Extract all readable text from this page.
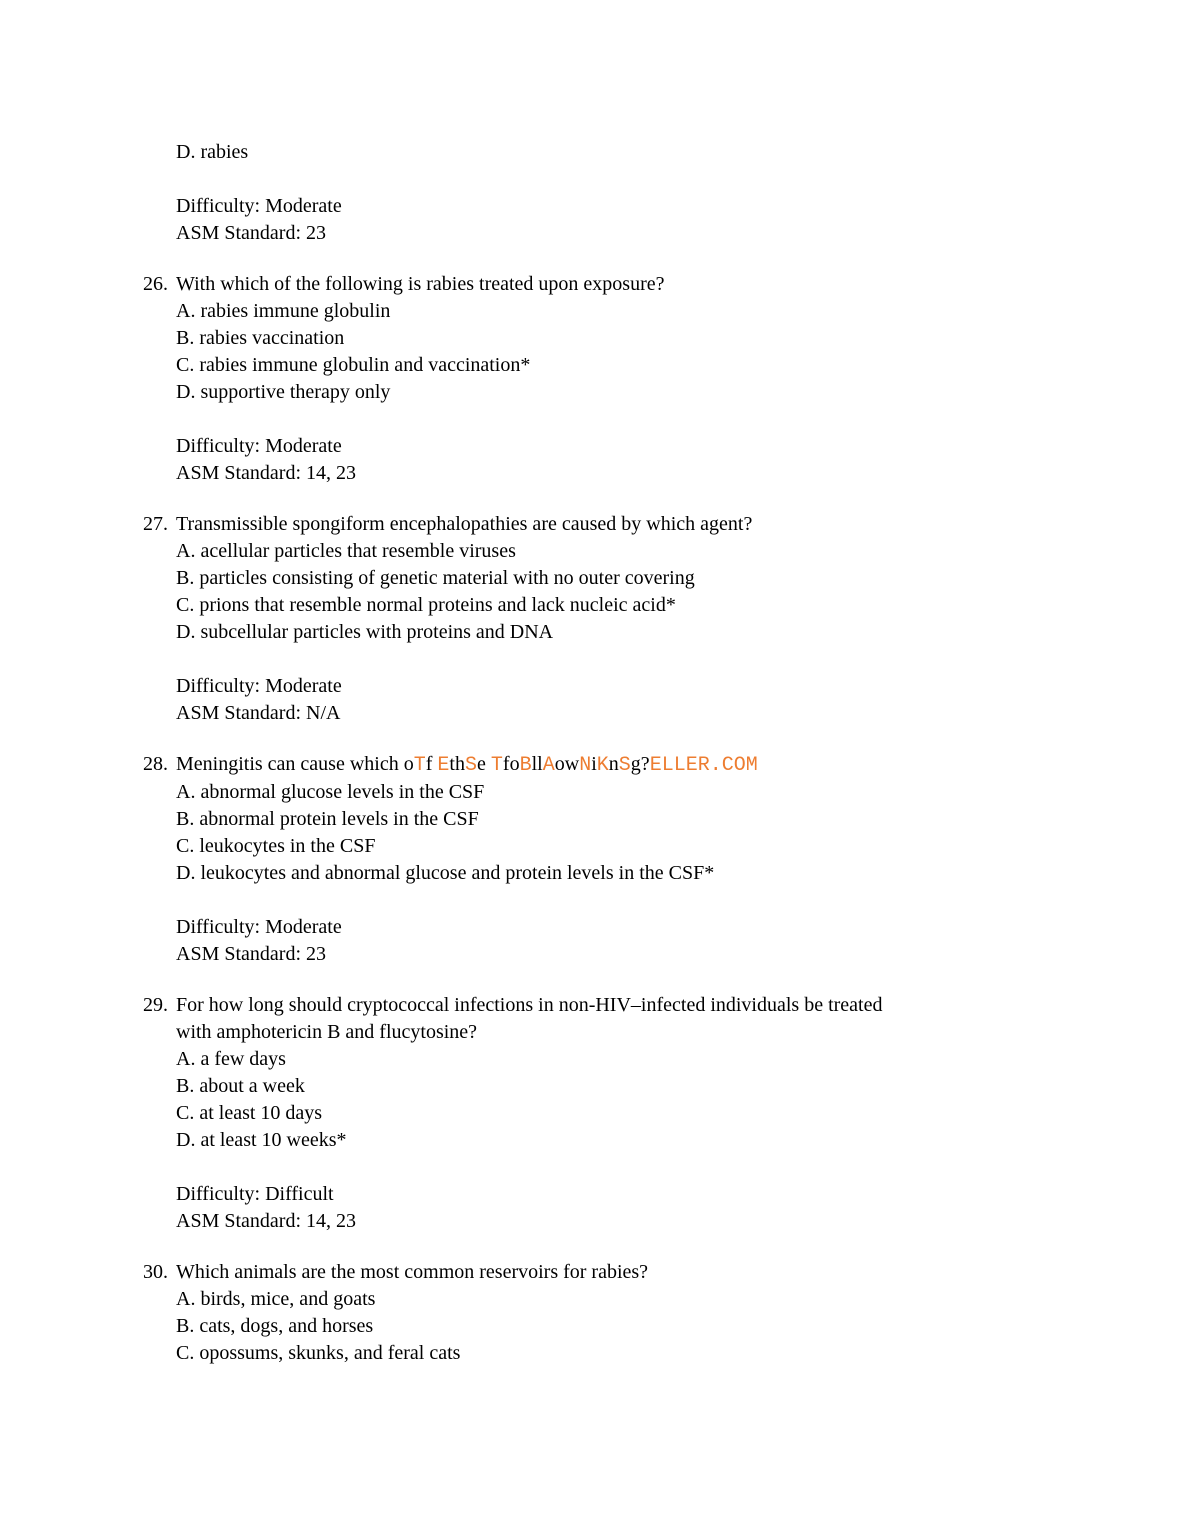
D. rabies
Difficulty: Moderate
ASM Standard: 23
26. With which of the following is rabies treated upon exposure?
A. rabies immune globulin
B. rabies vaccination
C. rabies immune globulin and vaccination*
D. supportive therapy only
Difficulty: Moderate
ASM Standard: 14, 23
27. Transmissible spongiform encephalopathies are caused by which agent?
A. acellular particles that resemble viruses
B. particles consisting of genetic material with no outer covering
C. prions that resemble normal proteins and lack nucleic acid*
D. subcellular particles with proteins and DNA
Difficulty: Moderate
ASM Standard: N/A
28. Meningitis can cause which oTf EthSe TfoBllAowNiKnSg?ELLER.COM
A. abnormal glucose levels in the CSF
B. abnormal protein levels in the CSF
C. leukocytes in the CSF
D. leukocytes and abnormal glucose and protein levels in the CSF*
Difficulty: Moderate
ASM Standard: 23
29. For how long should cryptococcal infections in non-HIV–infected individuals be treated
with amphotericin B and flucytosine?
A. a few days
B. about a week
C. at least 10 days
D. at least 10 weeks*
Difficulty: Difficult
ASM Standard: 14, 23
30. Which animals are the most common reservoirs for rabies?
A. birds, mice, and goats
B. cats, dogs, and horses
C. opossums, skunks, and feral cats
